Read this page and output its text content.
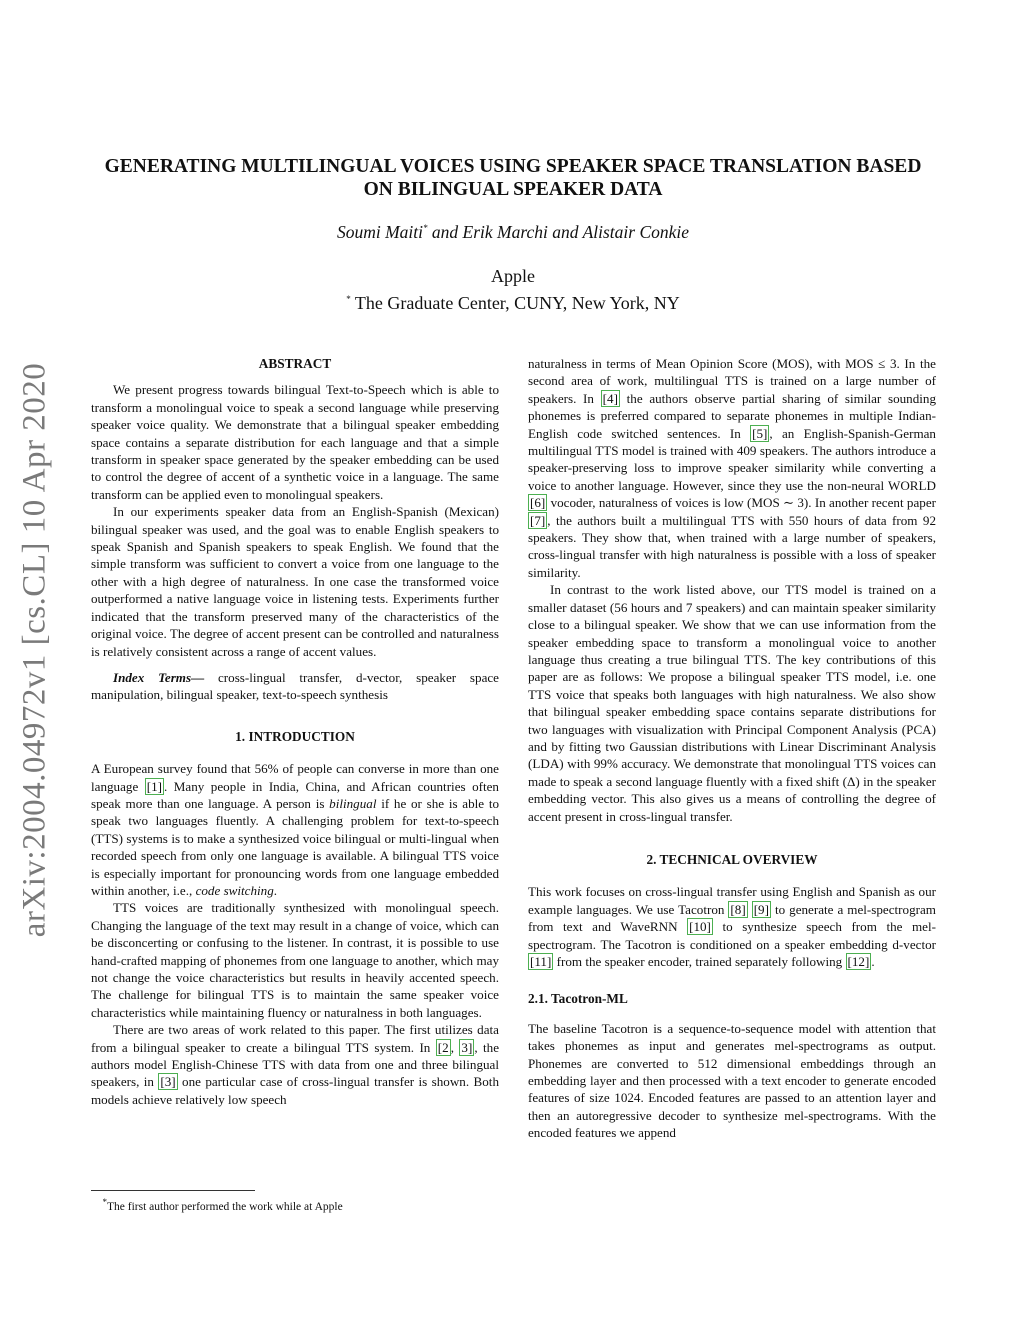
arXiv:2004.04972v1 [cs.CL] 10 Apr 2020
GENERATING MULTILINGUAL VOICES USING SPEAKER SPACE TRANSLATION BASED
ON BILINGUAL SPEAKER DATA
Soumi Maiti* and Erik Marchi and Alistair Conkie
Apple
* The Graduate Center, CUNY, New York, NY

ABSTRACT

We present progress towards bilingual Text-to-Speech which is able to transform a monolingual voice to speak a second language while preserving speaker voice quality. We demonstrate that a bilingual speaker embedding space contains a separate distribution for each language and that a simple transform in speaker space generated by the speaker embedding can be used to control the degree of accent of a synthetic voice in a language. The same transform can be applied even to monolingual speakers.

In our experiments speaker data from an English-Spanish (Mexican) bilingual speaker was used, and the goal was to enable English speakers to speak Spanish and Spanish speakers to speak English. We found that the simple transform was sufficient to convert a voice from one language to the other with a high degree of naturalness. In one case the transformed voice outperformed a native language voice in listening tests. Experiments further indicated that the transform preserved many of the characteristics of the original voice. The degree of accent present can be controlled and naturalness is relatively consistent across a range of accent values.

Index Terms— cross-lingual transfer, d-vector, speaker space manipulation, bilingual speaker, text-to-speech synthesis

1. INTRODUCTION

A European survey found that 56% of people can converse in more than one language [1] . Many people in India, China, and African countries often speak more than one language. A person is bilingual if he or she is able to speak two languages fluently. A challenging problem for text-to-speech (TTS) systems is to make a synthesized voice bilingual or multi-lingual when recorded speech from only one language is available. A bilingual TTS voice is especially important for pronouncing words from one language embedded within another, i.e., code switching.

TTS voices are traditionally synthesized with monolingual speech. Changing the language of the text may result in a change of voice, which can be disconcerting or confusing to the listener. In contrast, it is possible to use hand-crafted mapping of phonemes from one language to another, which may not change the voice characteristics but results in heavily accented speech. The challenge for bilingual TTS is to maintain the same speaker voice characteristics while maintaining fluency or naturalness in both languages.

There are two areas of work related to this paper. The first utilizes data from a bilingual speaker to create a bilingual TTS system. In [2 , 3] , the authors model English-Chinese TTS with data from one and three bilingual speakers, in [3] one particular case of cross-lingual transfer is shown. Both models achieve relatively low speech

*The first author performed the work while at Apple

naturalness in terms of Mean Opinion Score (MOS), with MOS ≤ 3. In the second area of work, multilingual TTS is trained on a large number of speakers. In [4] the authors observe partial sharing of similar sounding phonemes is preferred compared to separate phonemes in multiple Indian-English code switched sentences. In [5] , an English-Spanish-German multilingual TTS model is trained with 409 speakers. The authors introduce a speaker-preserving loss to improve speaker similarity while converting a voice to another language. However, since they use the non-neural WORLD [6] vocoder, naturalness of voices is low (MOS ∼ 3). In another recent paper [7] , the authors built a multilingual TTS with 550 hours of data from 92 speakers. They show that, when trained with a large number of speakers, cross-lingual transfer with high naturalness is possible with a loss of speaker similarity.

In contrast to the work listed above, our TTS model is trained on a smaller dataset (56 hours and 7 speakers) and can maintain speaker similarity close to a bilingual speaker. We show that we can use information from the speaker embedding space to transform a monolingual voice to another language thus creating a true bilingual TTS. The key contributions of this paper are as follows: We propose a bilingual speaker TTS model, i.e. one TTS voice that speaks both languages with high naturalness. We also show that bilingual speaker embedding space contains separate distributions for two languages with visualization with Principal Component Analysis (PCA) and by fitting two Gaussian distributions with Linear Discriminant Analysis (LDA) with 99% accuracy. We demonstrate that monolingual TTS voices can made to speak a second language fluently with a fixed shift (Δ) in the speaker embedding vector. This also gives us a means of controlling the degree of accent present in cross-lingual transfer.

2. TECHNICAL OVERVIEW

This work focuses on cross-lingual transfer using English and Spanish as our example languages. We use Tacotron [8] [9] to generate a mel-spectrogram from text and WaveRNN [10] to synthesize speech from the mel-spectrogram. The Tacotron is conditioned on a speaker embedding d-vector [11] from the speaker encoder, trained separately following [12] .

2.1. Tacotron-ML

The baseline Tacotron is a sequence-to-sequence model with attention that takes phonemes as input and generates mel-spectrograms as output. Phonemes are converted to 512 dimensional embeddings through an embedding layer and then processed with a text encoder to generate encoded features of size 1024. Encoded features are passed to an attention layer and then an autoregressive decoder to synthesize mel-spectrograms. With the encoded features we append
